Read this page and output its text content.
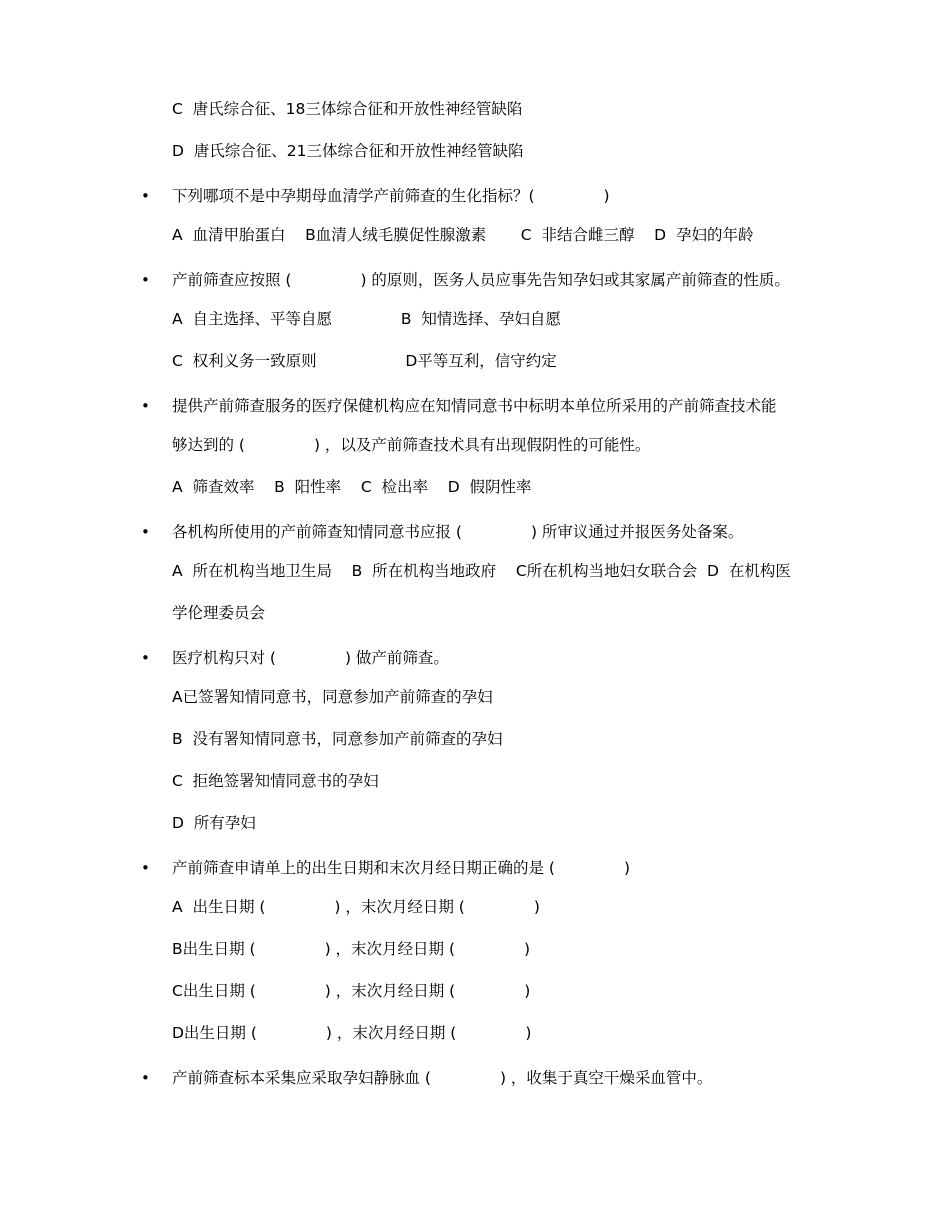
C  唐氏综合征、18三体综合征和开放性神经管缺陷
D  唐氏综合征、21三体综合征和开放性神经管缺陷
• 下列哪项不是中孕期母血清学产前筛查的生化指标？(              )
A  血清甲胎蛋白    B血清人绒毛膜促性腺激素       C  非结合雌三醇    D  孕妇的年龄
• 产前筛查应按照 (              ) 的原则，医务人员应事先告知孕妇或其家属产前筛查的性质。
A  自主选择、平等自愿              B  知情选择、孕妇自愿
C  权利义务一致原则                  D平等互利，信守约定
• 提供产前筛查服务的医疗保健机构应在知情同意书中标明本单位所采用的产前筛查技术能
够达到的 (              ) ，以及产前筛查技术具有出现假阴性的可能性。
A  筛查效率    B  阳性率    C  检出率    D  假阴性率
• 各机构所使用的产前筛查知情同意书应报 (              ) 所审议通过并报医务处备案。
A  所在机构当地卫生局    B  所在机构当地政府    C所在机构当地妇女联合会  D  在机构医
学伦理委员会
• 医疗机构只对 (              ) 做产前筛查。
A已签署知情同意书，同意参加产前筛查的孕妇
B  没有署知情同意书，同意参加产前筛查的孕妇
C  拒绝签署知情同意书的孕妇
D  所有孕妇
• 产前筛查申请单上的出生日期和末次月经日期正确的是 (              )
A  出生日期 (              ) ，末次月经日期 (              )
B出生日期 (              ) ，末次月经日期 (              )
C出生日期 (              ) ，末次月经日期 (              )
D出生日期 (              ) ，末次月经日期 (              )
• 产前筛查标本采集应采取孕妇静脉血 (              ) ，收集于真空干燥采血管中。
